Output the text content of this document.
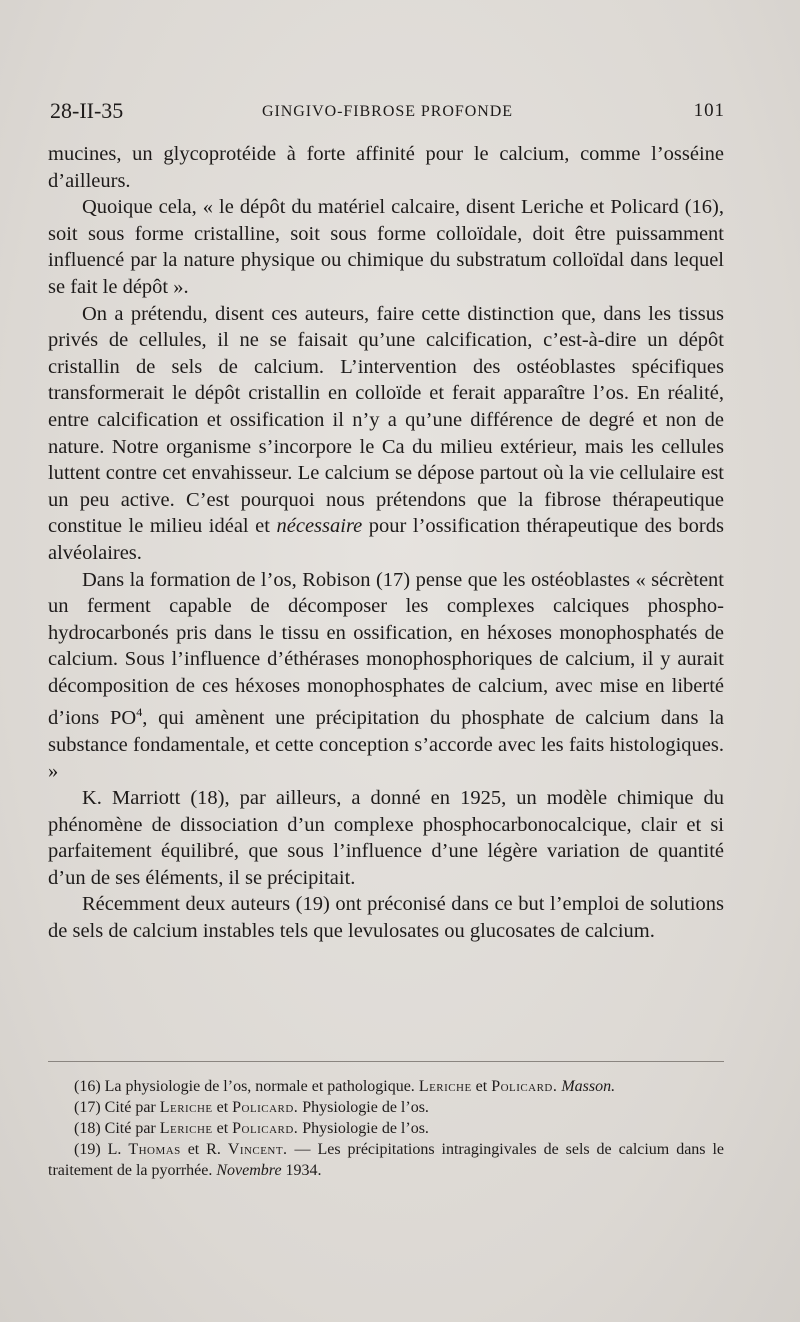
28-II-35	GINGIVO-FIBROSE PROFONDE	101

mucines, un glycoprotéide à forte affinité pour le calcium, comme l’osséine d’ailleurs.

Quoique cela, « le dépôt du matériel calcaire, disent Leriche et Policard (16), soit sous forme cristalline, soit sous forme colloïdale, doit être puissamment influencé par la nature physique ou chimique du substratum colloïdal dans lequel se fait le dépôt ».

On a prétendu, disent ces auteurs, faire cette distinction que, dans les tissus privés de cellules, il ne se faisait qu’une calcification, c’est-à-dire un dépôt cristallin de sels de calcium. L’intervention des ostéoblastes spécifiques transformerait le dépôt cristallin en colloïde et ferait apparaître l’os. En réalité, entre calcification et ossification il n’y a qu’une différence de degré et non de nature. Notre organisme s’incorpore le Ca du milieu extérieur, mais les cellules luttent contre cet envahisseur. Le calcium se dépose partout où la vie cellulaire est un peu active. C’est pourquoi nous prétendons que la fibrose thérapeutique constitue le milieu idéal et nécessaire pour l’ossification thérapeutique des bords alvéolaires.

Dans la formation de l’os, Robison (17) pense que les ostéoblastes « sécrètent un ferment capable de décomposer les complexes calciques phospho-hydrocarbonés pris dans le tissu en ossification, en héxoses monophosphatés de calcium. Sous l’influence d’éthérases monophosphoriques de calcium, il y aurait décomposition de ces héxoses monophosphates de calcium, avec mise en liberté d’ions $PO^4$, qui amènent une précipitation du phosphate de calcium dans la substance fondamentale, et cette conception s’accorde avec les faits histologiques. »

K. Marriott (18), par ailleurs, a donné en 1925, un modèle chimique du phénomène de dissociation d’un complexe phosphocarbonocalcique, clair et si parfaitement équilibré, que sous l’influence d’une légère variation de quantité d’un de ses éléments, il se précipitait.

Récemment deux auteurs (19) ont préconisé dans ce but l’emploi de solutions de sels de calcium instables tels que levulosates ou glucosates de calcium.

(16) La physiologie de l’os, normale et pathologique. Leriche et Policard. Masson.

(17) Cité par Leriche et Policard. Physiologie de l’os.

(18) Cité par Leriche et Policard. Physiologie de l’os.

(19) L. Thomas et R. Vincent. — Les précipitations intragingivales de sels de calcium dans le traitement de la pyorrhée. Novembre 1934.
